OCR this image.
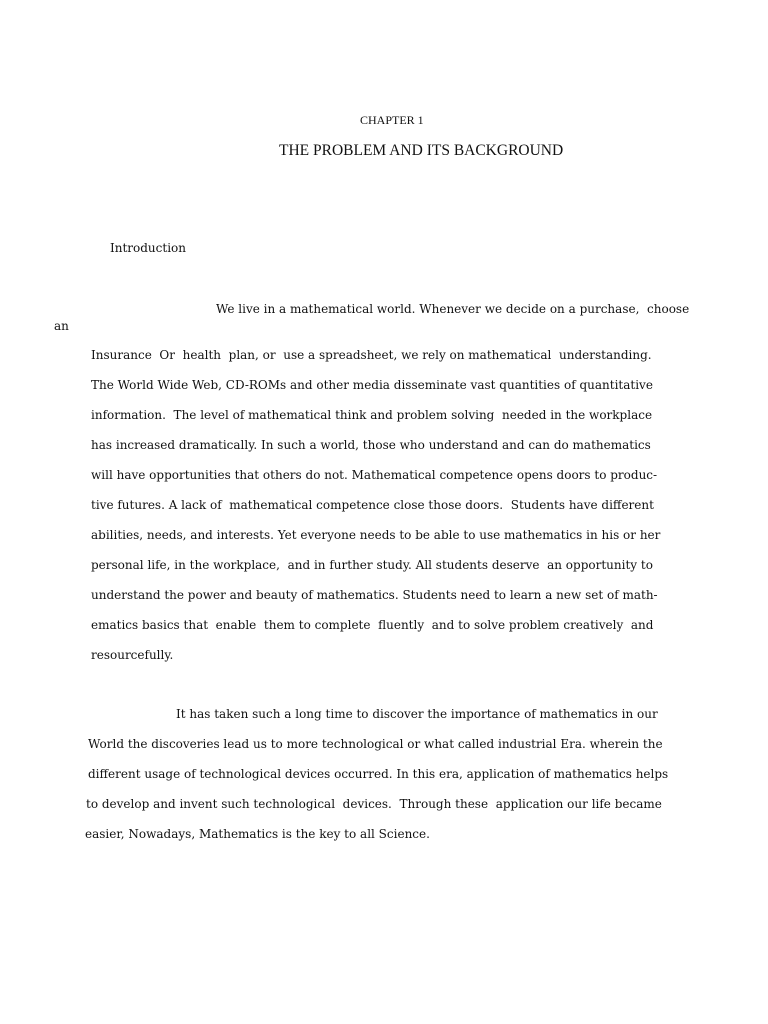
CHAPTER 1
THE PROBLEM AND ITS BACKGROUND
Introduction
We live in a mathematical world. Whenever we decide on a purchase,  choose
an
Insurance  Or  health  plan, or  use a spreadsheet, we rely on mathematical  understanding.
The World Wide Web, CD-ROMs and other media disseminate vast quantities of quantitative
information.  The level of mathematical think and problem solving  needed in the workplace
has increased dramatically. In such a world, those who understand and can do mathematics
will have opportunities that others do not. Mathematical competence opens doors to produc-
tive futures. A lack of  mathematical competence close those doors.  Students have different
abilities, needs, and interests. Yet everyone needs to be able to use mathematics in his or her
personal life, in the workplace,  and in further study. All students deserve  an opportunity to
understand the power and beauty of mathematics. Students need to learn a new set of math-
ematics basics that  enable  them to complete  fluently  and to solve problem creatively  and
resourcefully.
It has taken such a long time to discover the importance of mathematics in our
World the discoveries lead us to more technological or what called industrial Era. wherein the
different usage of technological devices occurred. In this era, application of mathematics helps
to develop and invent such technological  devices.  Through these  application our life became
easier, Nowadays, Mathematics is the key to all Science.
